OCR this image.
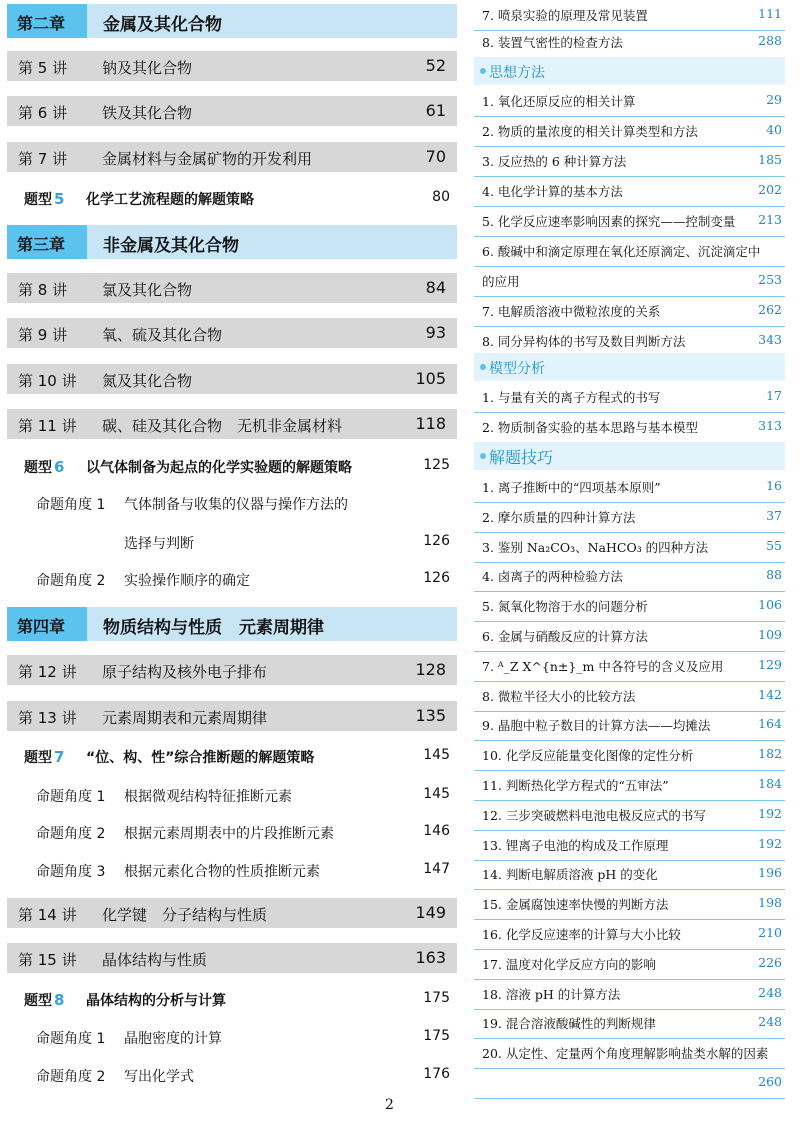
第二章 金属及其化合物
第 5 讲 钠及其化合物	52
第 6 讲 铁及其化合物	61
第 7 讲 金属材料与金属矿物的开发利用	70
题型 5 化学工艺流程题的解题策略	80
第三章 非金属及其化合物
第 8 讲 氯及其化合物	84
第 9 讲 氧、硫及其化合物	93
第 10 讲 氮及其化合物	105
第 11 讲 碳、硅及其化合物　无机非金属材料	118
题型 6 以气体制备为起点的化学实验题的解题策略	125
命题角度 1 气体制备与收集的仪器与操作方法的
选择与判断	126
命题角度 2 实验操作顺序的确定	126
第四章 物质结构与性质　元素周期律
第 12 讲 原子结构及核外电子排布	128
第 13 讲 元素周期表和元素周期律	135
题型 7 “位、构、性”综合推断题的解题策略	145
命题角度 1 根据微观结构特征推断元素	145
命题角度 2 根据元素周期表中的片段推断元素	146
命题角度 3 根据元素化合物的性质推断元素	147
第 14 讲 化学键　分子结构与性质	149
第 15 讲 晶体结构与性质	163
题型 8 晶体结构的分析与计算	175
命题角度 1 晶胞密度的计算	175
命题角度 2 写出化学式	176
7. 喷泉实验的原理及常见装置	111
8. 装置气密性的检查方法	288
思想方法
1. 氧化还原反应的相关计算	29
2. 物质的量浓度的相关计算类型和方法	40
3. 反应热的 6 种计算方法	185
4. 电化学计算的基本方法	202
5. 化学反应速率影响因素的探究——控制变量 213
6. 酸碱中和滴定原理在氧化还原滴定、沉淀滴定中
的应用	253
7. 电解质溶液中微粒浓度的关系	262
8. 同分异构体的书写及数目判断方法	343
模型分析
1. 与量有关的离子方程式的书写	17
2. 物质制备实验的基本思路与基本模型	313
解题技巧
1. 离子推断中的“四项基本原则”	16
2. 摩尔质量的四种计算方法	37
3. 鉴别 Na₂CO₃、NaHCO₃ 的四种方法	55
4. 卤离子的两种检验方法	88
5. 氮氧化物溶于水的问题分析	106
6. 金属与硝酸反应的计算方法	109
7. ᴬ_Z X^{n±}_m 中各符号的含义及应用	129
8. 微粒半径大小的比较方法	142
9. 晶胞中粒子数目的计算方法——均摊法	164
10. 化学反应能量变化图像的定性分析	182
11. 判断热化学方程式的“五审法”	184
12. 三步突破燃料电池电极反应式的书写	192
13. 锂离子电池的构成及工作原理	192
14. 判断电解质溶液 pH 的变化	196
15. 金属腐蚀速率快慢的判断方法	198
16. 化学反应速率的计算与大小比较	210
17. 温度对化学反应方向的影响	226
18. 溶液 pH 的计算方法	248
19. 混合溶液酸碱性的判断规律	248
20. 从定性、定量两个角度理解影响盐类水解的因素
260
2
